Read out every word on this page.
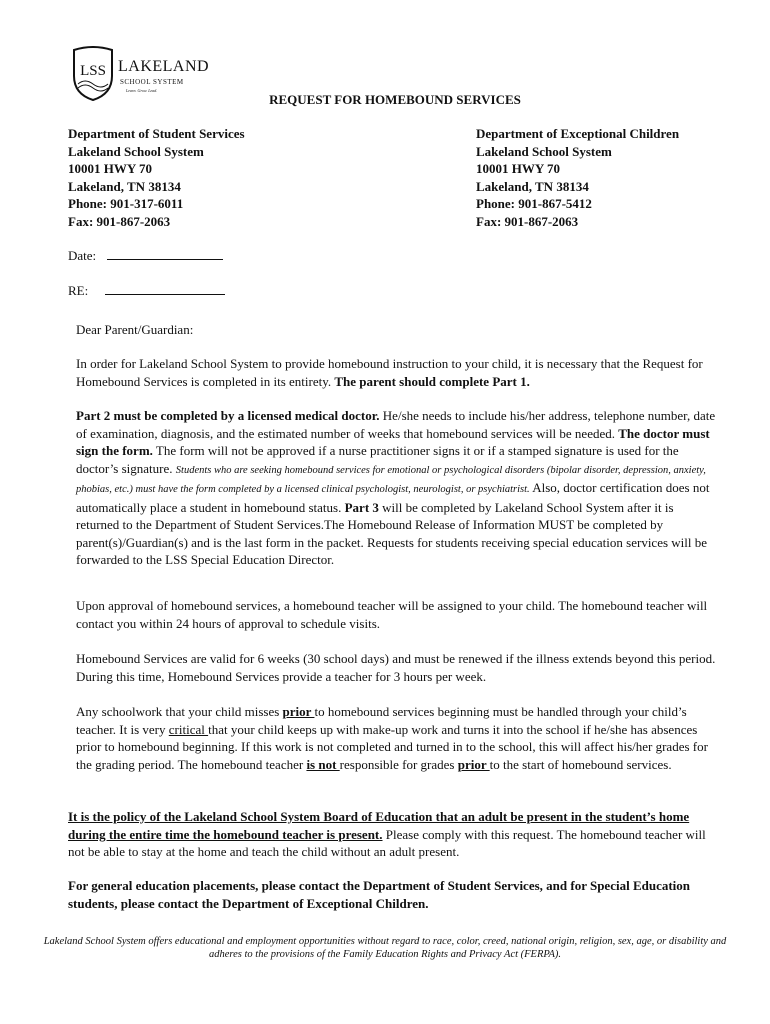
LSS LAKELAND
SCHOOL SYSTEM
Learn. Grow. Lead.
REQUEST FOR HOMEBOUND SERVICES
Department of Student Services
Lakeland School System
10001 HWY 70
Lakeland, TN 38134
Phone: 901-317-6011
Fax: 901-867-2063
Department of Exceptional Children
Lakeland School System
10001 HWY 70
Lakeland, TN 38134
Phone: 901-867-5412
Fax: 901-867-2063
Date:
RE:
Dear Parent/Guardian:
In order for Lakeland School System to provide homebound instruction to your child, it is necessary that the Request for Homebound Services is completed in its entirety. The parent should complete Part 1.
Part 2 must be completed by a licensed medical doctor. He/she needs to include his/her address, telephone number, date of examination, diagnosis, and the estimated number of weeks that homebound services will be needed. The doctor must sign the form. The form will not be approved if a nurse practitioner signs it or if a stamped signature is used for the doctor’s signature. Students who are seeking homebound services for emotional or psychological disorders (bipolar disorder, depression, anxiety, phobias, etc.) must have the form completed by a licensed clinical psychologist, neurologist, or psychiatrist. Also, doctor certification does not automatically place a student in homebound status. Part 3 will be completed by Lakeland School System after it is returned to the Department of Student Services.The Homebound Release of Information MUST be completed by parent(s)/Guardian(s) and is the last form in the packet. Requests for students receiving special education services will be forwarded to the LSS Special Education Director.
Upon approval of homebound services, a homebound teacher will be assigned to your child. The homebound teacher will contact you within 24 hours of approval to schedule visits.
Homebound Services are valid for 6 weeks (30 school days) and must be renewed if the illness extends beyond this period. During this time, Homebound Services provide a teacher for 3 hours per week.
Any schoolwork that your child misses prior to homebound services beginning must be handled through your child’s teacher. It is very critical that your child keeps up with make-up work and turns it into the school if he/she has absences prior to homebound beginning. If this work is not completed and turned in to the school, this will affect his/her grades for the grading period. The homebound teacher is not responsible for grades prior to the start of homebound services.
It is the policy of the Lakeland School System Board of Education that an adult be present in the student’s home during the entire time the homebound teacher is present. Please comply with this request. The homebound teacher will not be able to stay at the home and teach the child without an adult present.
For general education placements, please contact the Department of Student Services, and for Special Education students, please contact the Department of Exceptional Children.
Lakeland School System offers educational and employment opportunities without regard to race, color, creed, national origin, religion, sex, age, or disability and adheres to the provisions of the Family Education Rights and Privacy Act (FERPA).
